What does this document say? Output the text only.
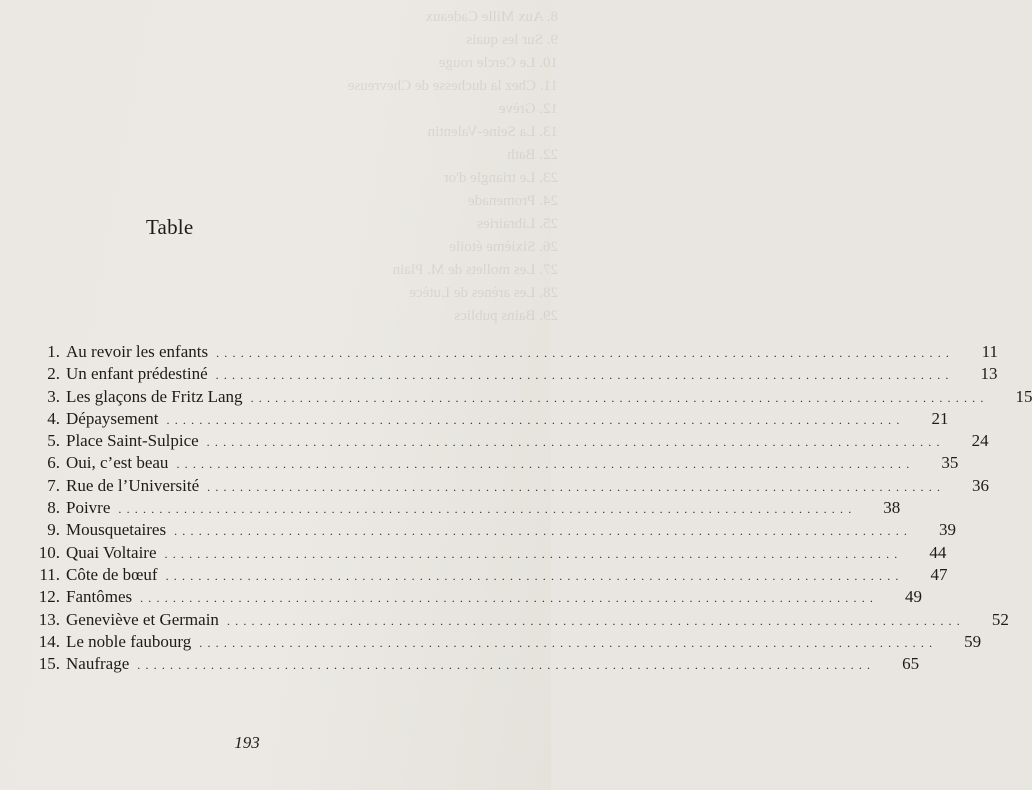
8. Aux Mille Cadeaux
9. Sur les quais
10. Le Cercle rouge
11. Chez la duchesse de Chevreuse
12. Grève
13. La Seine-Valentin
22. Bath
23. Le triangle d'or
24. Promenade
25. Librairies
26. Sixième étoile
27. Les mollets de M. Plain
28. Les arènes de Lutèce
29. Bains publics
Table
1. Au revoir les enfants . . . . . . . . . . . . . . . . . . . . . . . . . . . . . . . . . . . . . . . . . . . . . . . . . . . . . . . . . . . . . . . . . . . . . . . . . . . . . . . . . . . . . . . . . .	11
2. Un enfant prédestiné . . . . . . . . . . . . . . . . . . . . . . . . . . . . . . . . . . . . . . . . . . . . . . . . . . . . . . . . . . . . . . . . . . . . . . . . . . . . . . . . . . . . . . . . . .	13
3. Les glaçons de Fritz Lang . . . . . . . . . . . . . . . . . . . . . . . . . . . . . . . . . . . . . . . . . . . . . . . . . . . . . . . . . . . . . . . . . . . . . . . . . . . . . . . . . . . . . . . . . .	15
4. Dépaysement . . . . . . . . . . . . . . . . . . . . . . . . . . . . . . . . . . . . . . . . . . . . . . . . . . . . . . . . . . . . . . . . . . . . . . . . . . . . . . . . . . . . . . . . . .	21
5. Place Saint-Sulpice . . . . . . . . . . . . . . . . . . . . . . . . . . . . . . . . . . . . . . . . . . . . . . . . . . . . . . . . . . . . . . . . . . . . . . . . . . . . . . . . . . . . . . . . . .	24
6. Oui, c’est beau . . . . . . . . . . . . . . . . . . . . . . . . . . . . . . . . . . . . . . . . . . . . . . . . . . . . . . . . . . . . . . . . . . . . . . . . . . . . . . . . . . . . . . . . . .	35
7. Rue de l’Université . . . . . . . . . . . . . . . . . . . . . . . . . . . . . . . . . . . . . . . . . . . . . . . . . . . . . . . . . . . . . . . . . . . . . . . . . . . . . . . . . . . . . . . . . .	36
8. Poivre . . . . . . . . . . . . . . . . . . . . . . . . . . . . . . . . . . . . . . . . . . . . . . . . . . . . . . . . . . . . . . . . . . . . . . . . . . . . . . . . . . . . . . . . . .	38
9. Mousquetaires . . . . . . . . . . . . . . . . . . . . . . . . . . . . . . . . . . . . . . . . . . . . . . . . . . . . . . . . . . . . . . . . . . . . . . . . . . . . . . . . . . . . . . . . . .	39
10. Quai Voltaire . . . . . . . . . . . . . . . . . . . . . . . . . . . . . . . . . . . . . . . . . . . . . . . . . . . . . . . . . . . . . . . . . . . . . . . . . . . . . . . . . . . . . . . . . .	44
11. Côte de bœuf . . . . . . . . . . . . . . . . . . . . . . . . . . . . . . . . . . . . . . . . . . . . . . . . . . . . . . . . . . . . . . . . . . . . . . . . . . . . . . . . . . . . . . . . . .	47
12. Fantômes . . . . . . . . . . . . . . . . . . . . . . . . . . . . . . . . . . . . . . . . . . . . . . . . . . . . . . . . . . . . . . . . . . . . . . . . . . . . . . . . . . . . . . . . . .	49
13. Geneviève et Germain . . . . . . . . . . . . . . . . . . . . . . . . . . . . . . . . . . . . . . . . . . . . . . . . . . . . . . . . . . . . . . . . . . . . . . . . . . . . . . . . . . . . . . . . . .	52
14. Le noble faubourg . . . . . . . . . . . . . . . . . . . . . . . . . . . . . . . . . . . . . . . . . . . . . . . . . . . . . . . . . . . . . . . . . . . . . . . . . . . . . . . . . . . . . . . . . .	59
15. Naufrage . . . . . . . . . . . . . . . . . . . . . . . . . . . . . . . . . . . . . . . . . . . . . . . . . . . . . . . . . . . . . . . . . . . . . . . . . . . . . . . . . . . . . . . . . .	65
193
